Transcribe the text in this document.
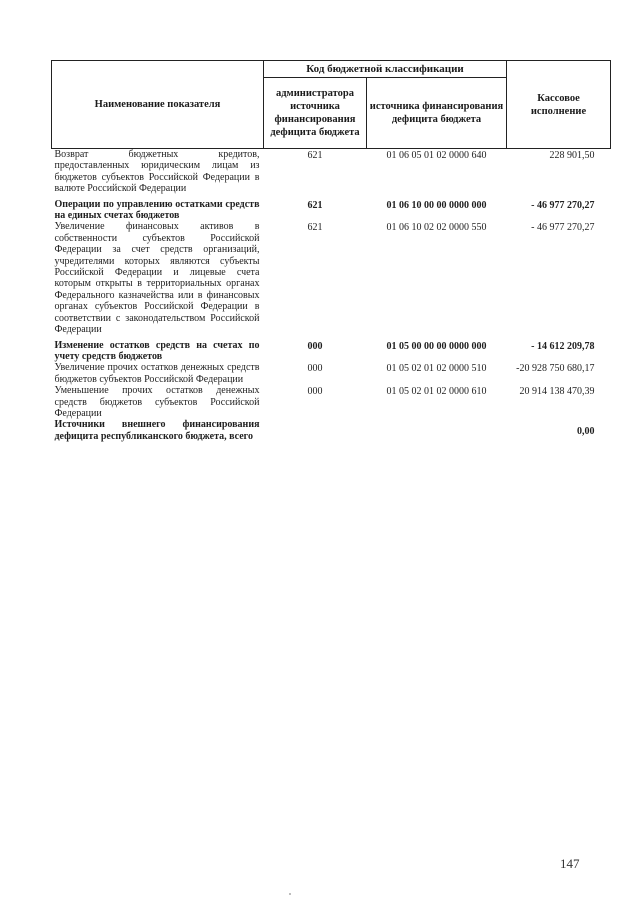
Наименование показателя	Код бюджетной классификации		Кассовое исполнение
	администратора источника финансирования дефицита бюджета	источника финансирования дефицита бюджета	
Возврат бюджетных кредитов, предоставленных юридическим лицам из бюджетов субъектов Российской Федерации в валюте Российской Федерации	621	01 06 05 01 02 0000 640	228 901,50

Операции по управлению остатками средств на единых счетах бюджетов	621	01 06 10 00 00 0000 000	- 46 977 270,27
Увеличение финансовых активов в собственности субъектов Российской Федерации за счет средств организаций, учредителями которых являются субъекты Российской Федерации и лицевые счета которым открыты в территориальных органах Федерального казначейства или в финансовых органах субъектов Российской Федерации в соответствии с законодательством Российской Федерации	621	01 06 10 02 02 0000 550	- 46 977 270,27

Изменение остатков средств на счетах по учету средств бюджетов	000	01 05 00 00 00 0000 000	- 14 612 209,78
Увеличение прочих остатков денежных средств бюджетов субъектов Российской Федерации	000	01 05 02 01 02 0000 510	-20 928 750 680,17
Уменьшение прочих остатков денежных средств бюджетов субъектов Российской Федерации	000	01 05 02 01 02 0000 610	20 914 138 470,39
Источники внешнего финансирования дефицита республиканского бюджета, всего			0,00
147
